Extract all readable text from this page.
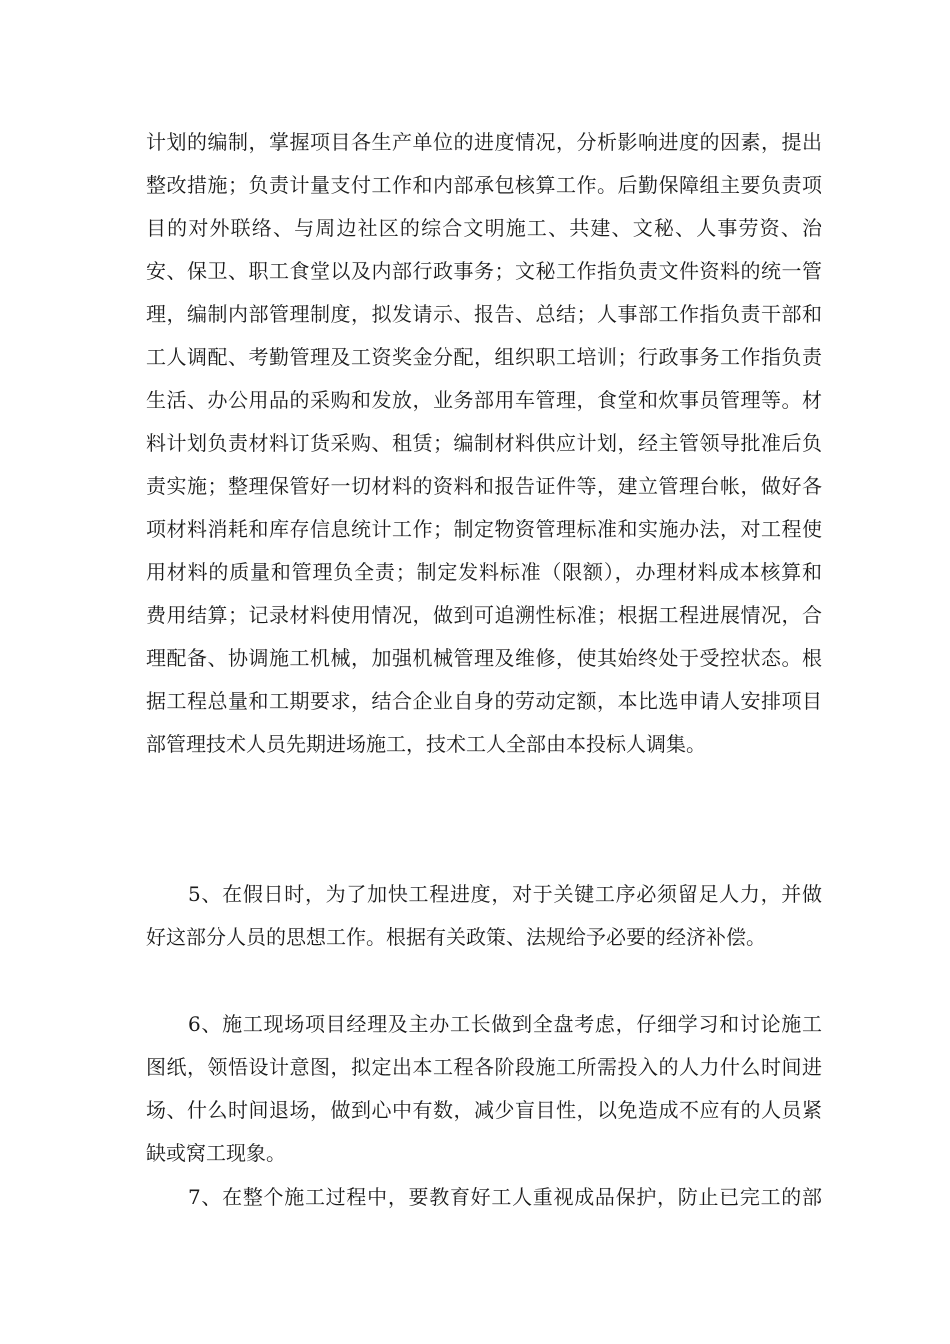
计划的编制，掌握项目各生产单位的进度情况，分析影响进度的因素，提出
整改措施；负责计量支付工作和内部承包核算工作。后勤保障组主要负责项
目的对外联络、与周边社区的综合文明施工、共建、文秘、人事劳资、治
安、保卫、职工食堂以及内部行政事务；文秘工作指负责文件资料的统一管
理，编制内部管理制度，拟发请示、报告、总结；人事部工作指负责干部和
工人调配、考勤管理及工资奖金分配，组织职工培训；行政事务工作指负责
生活、办公用品的采购和发放，业务部用车管理，食堂和炊事员管理等。材
料计划负责材料订货采购、租赁；编制材料供应计划，经主管领导批准后负
责实施；整理保管好一切材料的资料和报告证件等，建立管理台帐，做好各
项材料消耗和库存信息统计工作；制定物资管理标准和实施办法，对工程使
用材料的质量和管理负全责；制定发料标准（限额），办理材料成本核算和
费用结算；记录材料使用情况，做到可追溯性标准；根据工程进展情况，合
理配备、协调施工机械，加强机械管理及维修，使其始终处于受控状态。根
据工程总量和工期要求，结合企业自身的劳动定额，本比选申请人安排项目
部管理技术人员先期进场施工，技术工人全部由本投标人调集。
5、在假日时，为了加快工程进度，对于关键工序必须留足人力，并做
好这部分人员的思想工作。根据有关政策、法规给予必要的经济补偿。
6、施工现场项目经理及主办工长做到全盘考虑，仔细学习和讨论施工
图纸，领悟设计意图，拟定出本工程各阶段施工所需投入的人力什么时间进
场、什么时间退场，做到心中有数，减少盲目性，以免造成不应有的人员紧
缺或窝工现象。
7、在整个施工过程中，要教育好工人重视成品保护，防止已完工的部
